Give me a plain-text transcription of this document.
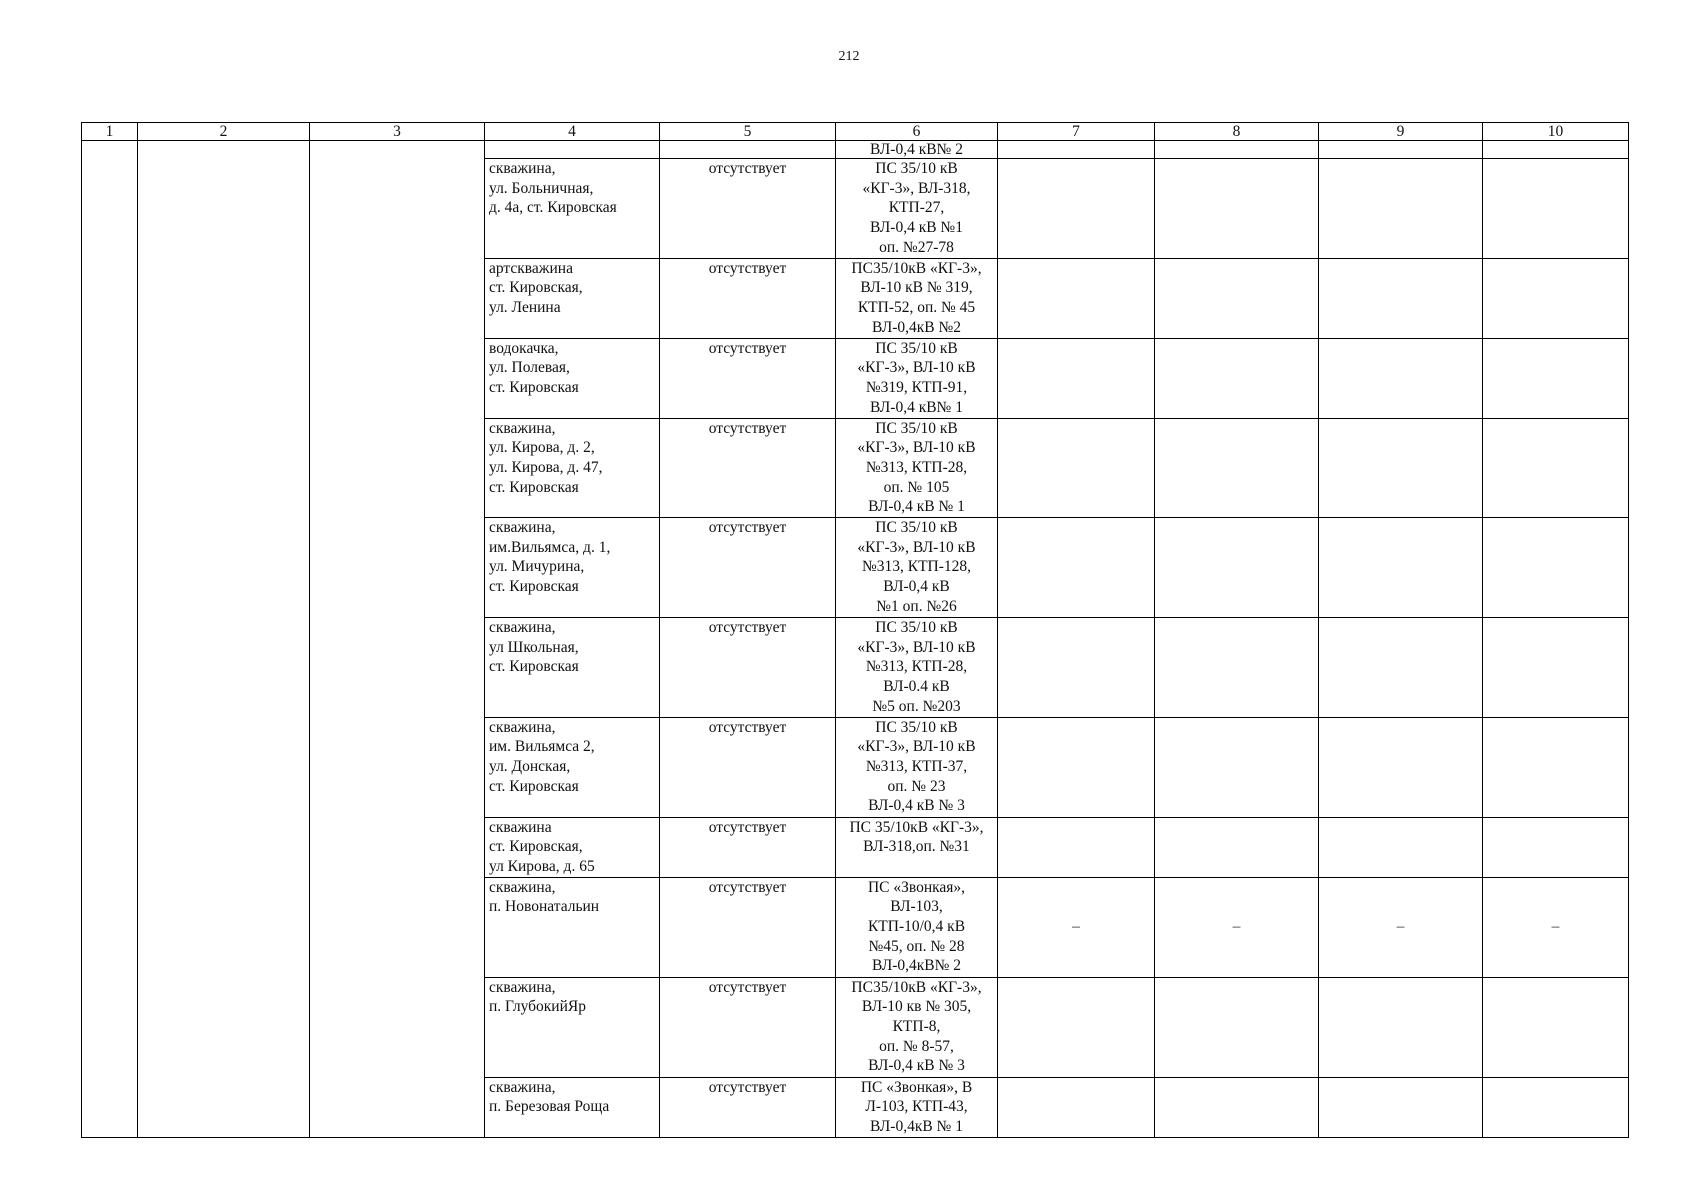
212
1	2	3	4	5	6	7	8	9	10
					ВЛ-0,4 кВ№ 2				
			скважина,
ул. Больничная,
д. 4а, ст. Кировская	отсутствует	ПС 35/10 кВ
«КГ-3», ВЛ-318,
КТП-27,
ВЛ-0,4 кВ №1
оп. №27-78				
			артскважина
ст. Кировская,
ул. Ленина	отсутствует	ПС35/10кВ «КГ-3»,
ВЛ-10 кВ № 319,
КТП-52, оп. № 45
ВЛ-0,4кВ №2				
			водокачка,
ул. Полевая,
ст. Кировская	отсутствует	ПС 35/10 кВ
«КГ-3», ВЛ-10 кВ
№319, КТП-91,
ВЛ-0,4 кВ№ 1				
			скважина,
ул. Кирова, д. 2,
ул. Кирова, д. 47,
ст. Кировская	отсутствует	ПС 35/10 кВ
«КГ-3», ВЛ-10 кВ
№313, КТП-28,
оп. № 105
ВЛ-0,4 кВ № 1				
			скважина,
им.Вильямса, д. 1,
ул. Мичурина,
ст. Кировская	отсутствует	ПС 35/10 кВ
«КГ-3», ВЛ-10 кВ
№313, КТП-128,
ВЛ-0,4 кВ
№1 оп. №26				
			скважина,
ул Школьная,
ст. Кировская	отсутствует	ПС 35/10 кВ
«КГ-3», ВЛ-10 кВ
№313, КТП-28,
ВЛ-0.4 кВ
№5 оп. №203				
			скважина,
им. Вильямса 2,
ул. Донская,
ст. Кировская	отсутствует	ПС 35/10 кВ
«КГ-3», ВЛ-10 кВ
№313, КТП-37,
оп. № 23
ВЛ-0,4 кВ № 3				
			скважина
ст. Кировская,
ул Кирова, д. 65	отсутствует	ПС 35/10кВ «КГ-3»,
ВЛ-318,оп. №31				
			скважина,
п. Новонатальин	отсутствует	ПС «Звонкая»,
ВЛ-103,
КТП-10/0,4 кВ
№45, оп. № 28
ВЛ-0,4кВ№ 2	–	–	–	–
			скважина,
п. ГлубокийЯр	отсутствует	ПС35/10кВ «КГ-3»,
ВЛ-10 кв № 305,
КТП-8,
оп. № 8-57,
ВЛ-0,4 кВ № 3				
			скважина,
п. Березовая Роща	отсутствует	ПС «Звонкая», В
Л-103, КТП-43,
ВЛ-0,4кВ № 1				
